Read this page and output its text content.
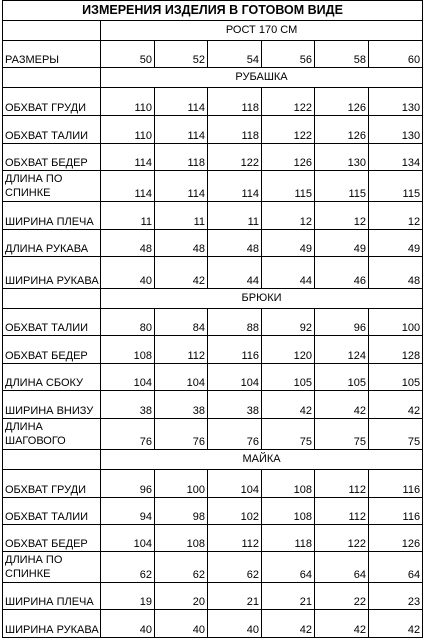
ИЗМЕРЕНИЯ ИЗДЕЛИЯ В ГОТОВОМ ВИДЕ						
	РОСТ 170 СМ					
РАЗМЕРЫ	50	52	54	56	58	60
	РУБАШКА					
ОБХВАТ ГРУДИ	110	114	118	122	126	130
ОБХВАТ ТАЛИИ	110	114	118	122	126	130
ОБХВАТ БЕДЕР	114	118	122	126	130	134
ДЛИНА ПО СПИНКЕ	114	114	114	115	115	115
ШИРИНА ПЛЕЧА	11	11	11	12	12	12
ДЛИНА РУКАВА	48	48	48	49	49	49
ШИРИНА РУКАВА	40	42	44	44	46	48
	БРЮКИ					
ОБХВАТ ТАЛИИ	80	84	88	92	96	100
ОБХВАТ БЕДЕР	108	112	116	120	124	128
ДЛИНА СБОКУ	104	104	104	105	105	105
ШИРИНА ВНИЗУ	38	38	38	42	42	42
ДЛИНА ШАГОВОГО	76	76	76	75	75	75
	МАЙКА					
ОБХВАТ ГРУДИ	96	100	104	108	112	116
ОБХВАТ ТАЛИИ	94	98	102	108	112	116
ОБХВАТ БЕДЕР	104	108	112	118	122	126
ДЛИНА ПО СПИНКЕ	62	62	62	64	64	64
ШИРИНА ПЛЕЧА	19	20	21	21	22	23
ШИРИНА РУКАВА	40	40	40	42	42	42
